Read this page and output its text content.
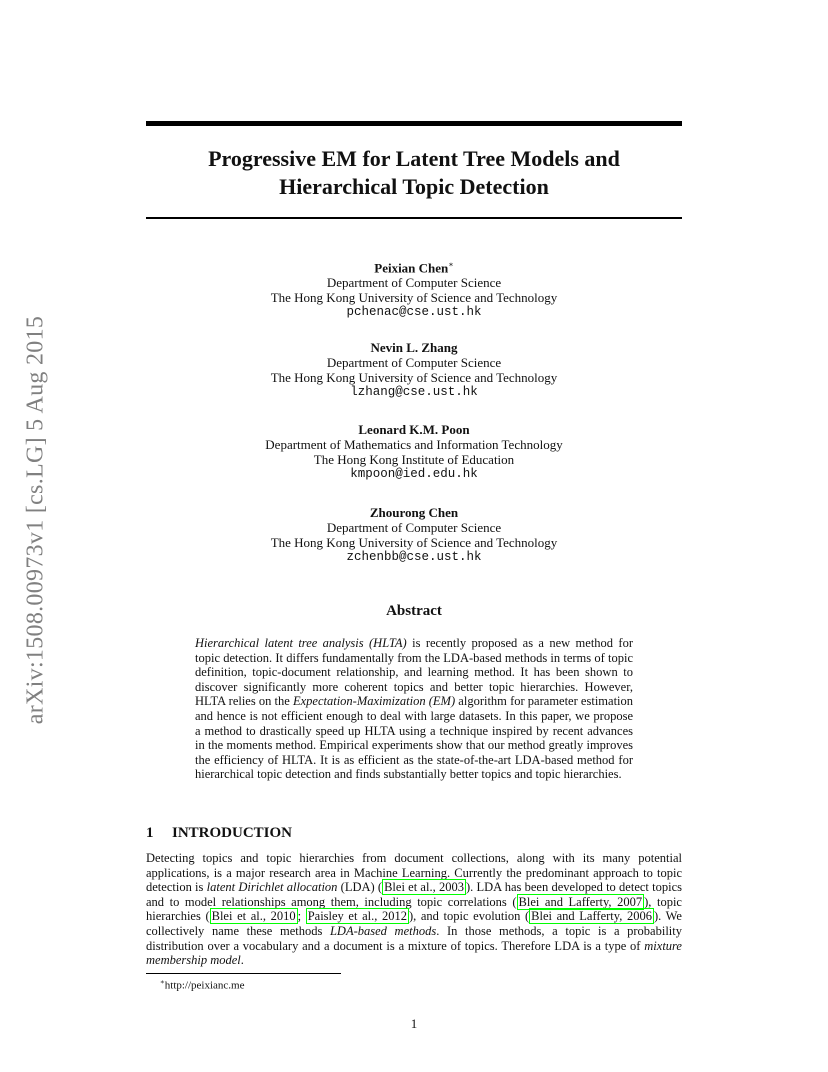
Progressive EM for Latent Tree Models and
Hierarchical Topic Detection
arXiv:1508.00973v1 [cs.LG] 5 Aug 2015
Peixian Chen∗
Department of Computer Science
The Hong Kong University of Science and Technology
pchenac@cse.ust.hk
Nevin L. Zhang
Department of Computer Science
The Hong Kong University of Science and Technology
lzhang@cse.ust.hk
Leonard K.M. Poon
Department of Mathematics and Information Technology
The Hong Kong Institute of Education
kmpoon@ied.edu.hk
Zhourong Chen
Department of Computer Science
The Hong Kong University of Science and Technology
zchenbb@cse.ust.hk
Abstract
Hierarchical latent tree analysis (HLTA) is recently proposed as a new method for topic detection. It differs fundamentally from the LDA-based methods in terms of topic definition, topic-document relationship, and learning method. It has been shown to discover significantly more coherent topics and better topic hierarchies. However, HLTA relies on the Expectation-Maximization (EM) algorithm for parameter estimation and hence is not efficient enough to deal with large datasets. In this paper, we propose a method to drastically speed up HLTA using a technique inspired by recent advances in the moments method. Empirical experiments show that our method greatly improves the efficiency of HLTA. It is as efficient as the state-of-the-art LDA-based method for hierarchical topic detection and finds substantially better topics and topic hierarchies.
1 INTRODUCTION
Detecting topics and topic hierarchies from document collections, along with its many potential applications, is a major research area in Machine Learning. Currently the predominant approach to topic detection is latent Dirichlet allocation (LDA) ( Blei et al., 2003 ). LDA has been developed to detect topics and to model relationships among them, including topic correlations ( Blei and Lafferty, 2007 ), topic hierarchies ( Blei et al., 2010 ; Paisley et al., 2012 ), and topic evolution ( Blei and Lafferty, 2006 ). We collectively name these methods LDA-based methods. In those methods, a topic is a probability distribution over a vocabulary and a document is a mixture of topics. Therefore LDA is a type of mixture membership model.
∗http://peixianc.me
1
